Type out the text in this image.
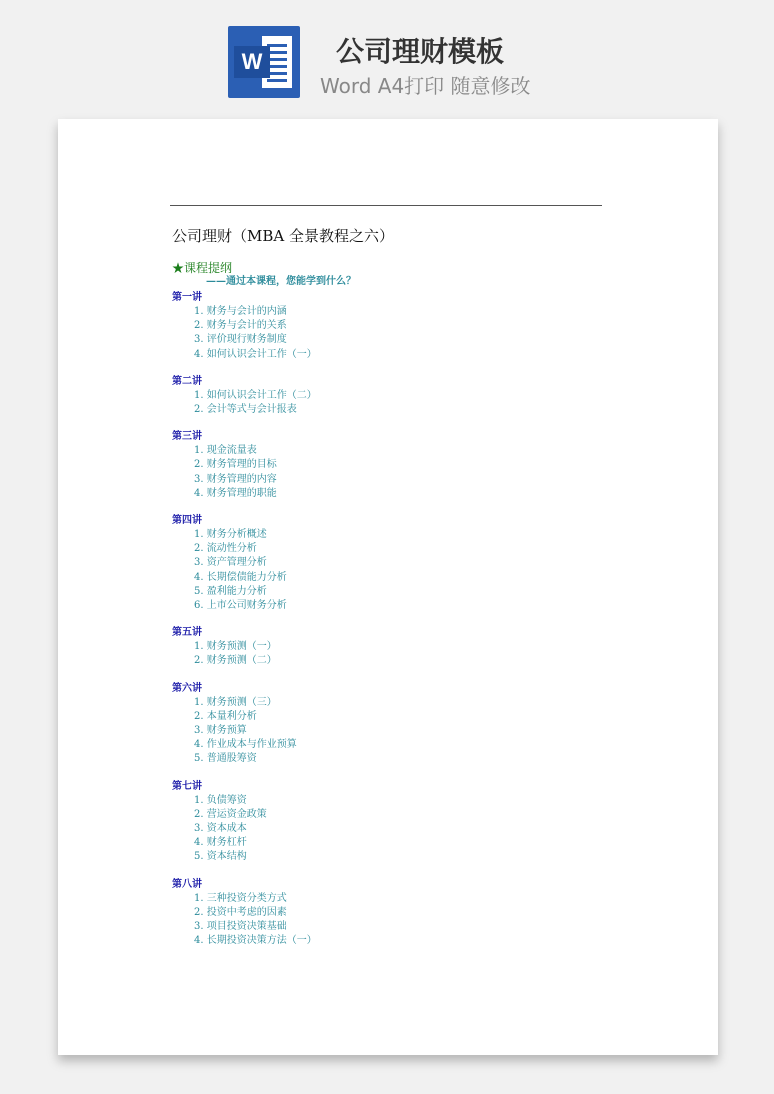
W	公司理财模板
Word A4打印 随意修改
公司理财（MBA 全景教程之六）
★课程提纲
——通过本课程，您能学到什么？
第一讲
1. 财务与会计的内涵
2. 财务与会计的关系
3. 评价现行财务制度
4. 如何认识会计工作（一）
第二讲
1. 如何认识会计工作（二）
2. 会计等式与会计报表
第三讲
1. 现金流量表
2. 财务管理的目标
3. 财务管理的内容
4. 财务管理的职能
第四讲
1. 财务分析概述
2. 流动性分析
3. 资产管理分析
4. 长期偿债能力分析
5. 盈利能力分析
6. 上市公司财务分析
第五讲
1. 财务预测（一）
2. 财务预测（二）
第六讲
1. 财务预测（三）
2. 本量利分析
3. 财务预算
4. 作业成本与作业预算
5. 普通股筹资
第七讲
1. 负债筹资
2. 营运资金政策
3. 资本成本
4. 财务杠杆
5. 资本结构
第八讲
1. 三种投资分类方式
2. 投资中考虑的因素
3. 项目投资决策基础
4. 长期投资决策方法（一）
